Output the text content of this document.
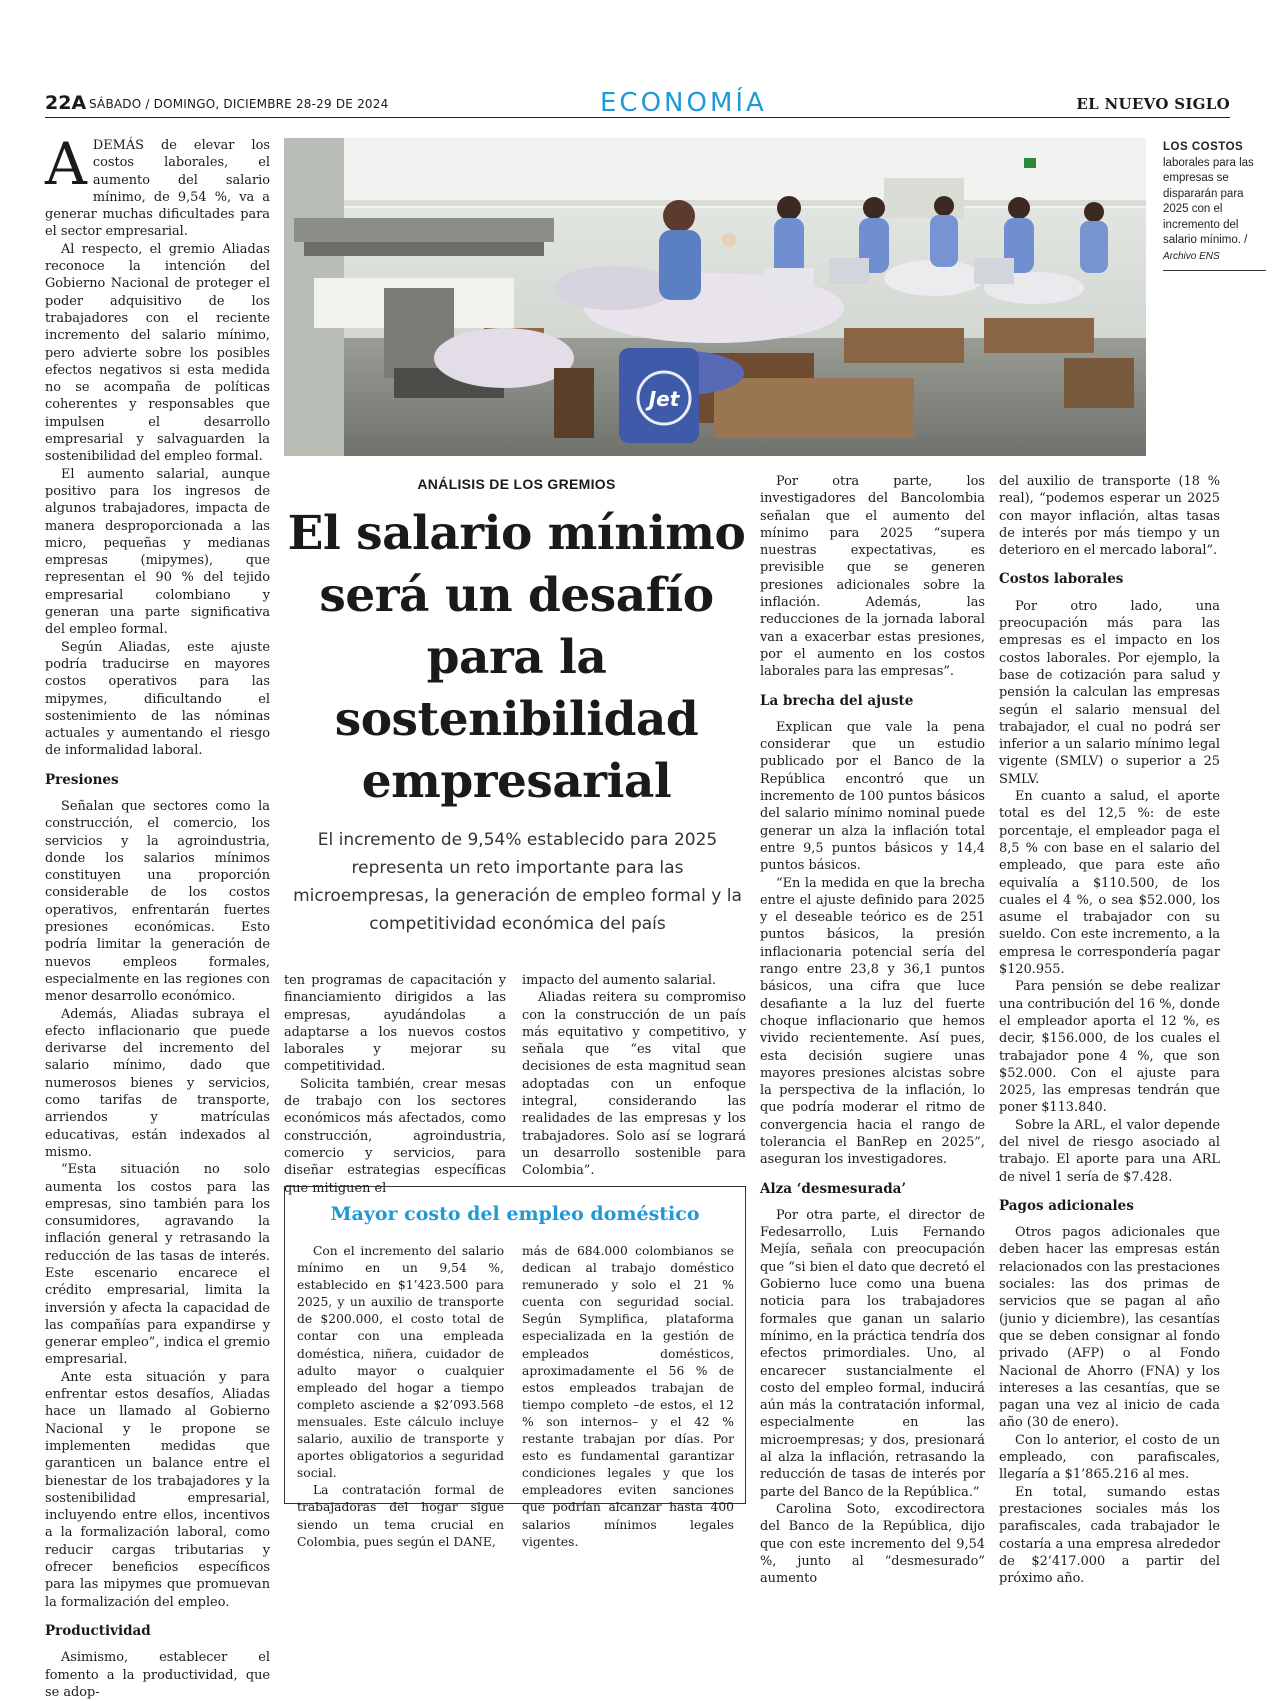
22A SÁBADO / DOMINGO, DICIEMBRE 28-29 DE 2024	ECONOMÍA	EL NUEVO SIGLO

ADEMÁS de elevar los costos laborales, el aumento del salario mínimo, de 9,54 %, va a generar muchas dificultades para el sector empresarial.

Al respecto, el gremio Aliadas reconoce la intención del Gobierno Nacional de proteger el poder adquisitivo de los trabajadores con el reciente incremento del salario mínimo, pero advierte sobre los posibles efectos negativos si esta medida no se acompaña de políticas coherentes y responsables que impulsen el desarrollo empresarial y salvaguarden la sostenibilidad del empleo formal.

El aumento salarial, aunque positivo para los ingresos de algunos trabajadores, impacta de manera desproporcionada a las micro, pequeñas y medianas empresas (mipymes), que representan el 90 % del tejido empresarial colombiano y generan una parte significativa del empleo formal.

Según Aliadas, este ajuste podría traducirse en mayores costos operativos para las mipymes, dificultando el sostenimiento de las nóminas actuales y aumentando el riesgo de informalidad laboral.

Presiones

Señalan que sectores como la construcción, el comercio, los servicios y la agroindustria, donde los salarios mínimos constituyen una proporción considerable de los costos operativos, enfrentarán fuertes presiones económicas. Esto podría limitar la generación de nuevos empleos formales, especialmente en las regiones con menor desarrollo económico.

Además, Aliadas subraya el efecto inflacionario que puede derivarse del incremento del salario mínimo, dado que numerosos bienes y servicios, como tarifas de transporte, arriendos y matrículas educativas, están indexados al mismo.

“Esta situación no solo aumenta los costos para las empresas, sino también para los consumidores, agravando la inflación general y retrasando la reducción de las tasas de interés. Este escenario encarece el crédito empresarial, limita la inversión y afecta la capacidad de las compañías para expandirse y generar empleo”, indica el gremio empresarial.

Ante esta situación y para enfrentar estos desafíos, Aliadas hace un llamado al Gobierno Nacional y le propone se implementen medidas que garanticen un balance entre el bienestar de los trabajadores y la sostenibilidad empresarial, incluyendo entre ellos, incentivos a la formalización laboral, como reducir cargas tributarias y ofrecer beneficios específicos para las mipymes que promuevan la formalización del empleo.

Productividad

Asimismo, establecer el fomento a la productividad, que se adop-

Jet
LOS COSTOS laborales para las empresas se dispararán para 2025 con el incremento del salario mínimo. / Archivo ENS
ANÁLISIS DE LOS GREMIOS
El salario mínimo será un desafío para la sostenibilidad empresarial
El incremento de 9,54% establecido para 2025 representa un reto importante para las microempresas, la generación de empleo formal y la competitividad económica del país

ten programas de capacitación y financiamiento dirigidos a las empresas, ayudándolas a adaptarse a los nuevos costos laborales y mejorar su competitividad.

Solicita también, crear mesas de trabajo con los sectores económicos más afectados, como construcción, agroindustria, comercio y servicios, para diseñar estrategias específicas que mitiguen el

impacto del aumento salarial.

Aliadas reitera su compromiso con la construcción de un país más equitativo y competitivo, y señala que “es vital que decisiones de esta magnitud sean adoptadas con un enfoque integral, considerando las realidades de las empresas y los trabajadores. Solo así se logrará un desarrollo sostenible para Colombia”.

Por otra parte, los investigadores del Bancolombia señalan que el aumento del mínimo para 2025 “supera nuestras expectativas, es previsible que se generen presiones adicionales sobre la inflación. Además, las reducciones de la jornada laboral van a exacerbar estas presiones, por el aumento en los costos laborales para las empresas”.

La brecha del ajuste

Explican que vale la pena considerar que un estudio publicado por el Banco de la República encontró que un incremento de 100 puntos básicos del salario mínimo nominal puede generar un alza la inflación total entre 9,5 puntos básicos y 14,4 puntos básicos.

“En la medida en que la brecha entre el ajuste definido para 2025 y el deseable teórico es de 251 puntos básicos, la presión inflacionaria potencial sería del rango entre 23,8 y 36,1 puntos básicos, una cifra que luce desafiante a la luz del fuerte choque inflacionario que hemos vivido recientemente. Así pues, esta decisión sugiere unas mayores presiones alcistas sobre la perspectiva de la inflación, lo que podría moderar el ritmo de convergencia hacia el rango de tolerancia el BanRep en 2025”, aseguran los investigadores.

Alza ‘desmesurada’

Por otra parte, el director de Fedesarrollo, Luis Fernando Mejía, señala con preocupación que “si bien el dato que decretó el Gobierno luce como una buena noticia para los trabajadores formales que ganan un salario mínimo, en la práctica tendría dos efectos primordiales. Uno, al encarecer sustancialmente el costo del empleo formal, inducirá aún más la contratación informal, especialmente en las microempresas; y dos, presionará al alza la inflación, retrasando la reducción de tasas de interés por parte del Banco de la República.”

Carolina Soto, excodirectora del Banco de la República, dijo que con este incremento del 9,54 %, junto al “desmesurado” aumento

del auxilio de transporte (18 % real), “podemos esperar un 2025 con mayor inflación, altas tasas de interés por más tiempo y un deterioro en el mercado laboral”.

Costos laborales

Por otro lado, una preocupación más para las empresas es el impacto en los costos laborales. Por ejemplo, la base de cotización para salud y pensión la calculan las empresas según el salario mensual del trabajador, el cual no podrá ser inferior a un salario mínimo legal vigente (SMLV) o superior a 25 SMLV.

En cuanto a salud, el aporte total es del 12,5 %: de este porcentaje, el empleador paga el 8,5 % con base en el salario del empleado, que para este año equivalía a $110.500, de los cuales el 4 %, o sea $52.000, los asume el trabajador con su sueldo. Con este incremento, a la empresa le correspondería pagar $120.955.

Para pensión se debe realizar una contribución del 16 %, donde el empleador aporta el 12 %, es decir, $156.000, de los cuales el trabajador pone 4 %, que son $52.000. Con el ajuste para 2025, las empresas tendrán que poner $113.840.

Sobre la ARL, el valor depende del nivel de riesgo asociado al trabajo. El aporte para una ARL de nivel 1 sería de $7.428.

Pagos adicionales

Otros pagos adicionales que deben hacer las empresas están relacionados con las prestaciones sociales: las dos primas de servicios que se pagan al año (junio y diciembre), las cesantías que se deben consignar al fondo privado (AFP) o al Fondo Nacional de Ahorro (FNA) y los intereses a las cesantías, que se pagan una vez al inicio de cada año (30 de enero).

Con lo anterior, el costo de un empleado, con parafiscales, llegaría a $1’865.216 al mes.

En total, sumando estas prestaciones sociales más los parafiscales, cada trabajador le costaría a una empresa alrededor de $2’417.000 a partir del próximo año.

Mayor costo del empleo doméstico

Con el incremento del salario mínimo en un 9,54 %, establecido en $1’423.500 para 2025, y un auxilio de transporte de $200.000, el costo total de contar con una empleada doméstica, niñera, cuidador de adulto mayor o cualquier empleado del hogar a tiempo completo asciende a $2’093.568 mensuales. Este cálculo incluye salario, auxilio de transporte y aportes obligatorios a seguridad social.

La contratación formal de trabajadoras del hogar sigue siendo un tema crucial en Colombia, pues según el DANE,

más de 684.000 colombianos se dedican al trabajo doméstico remunerado y solo el 21 % cuenta con seguridad social. Según Symplifica, plataforma especializada en la gestión de empleados domésticos, aproximadamente el 56 % de estos empleados trabajan de tiempo completo –de estos, el 12 % son internos– y el 42 % restante trabajan por días. Por esto es fundamental garantizar condiciones legales y que los empleadores eviten sanciones que podrían alcanzar hasta 400 salarios mínimos legales vigentes.
